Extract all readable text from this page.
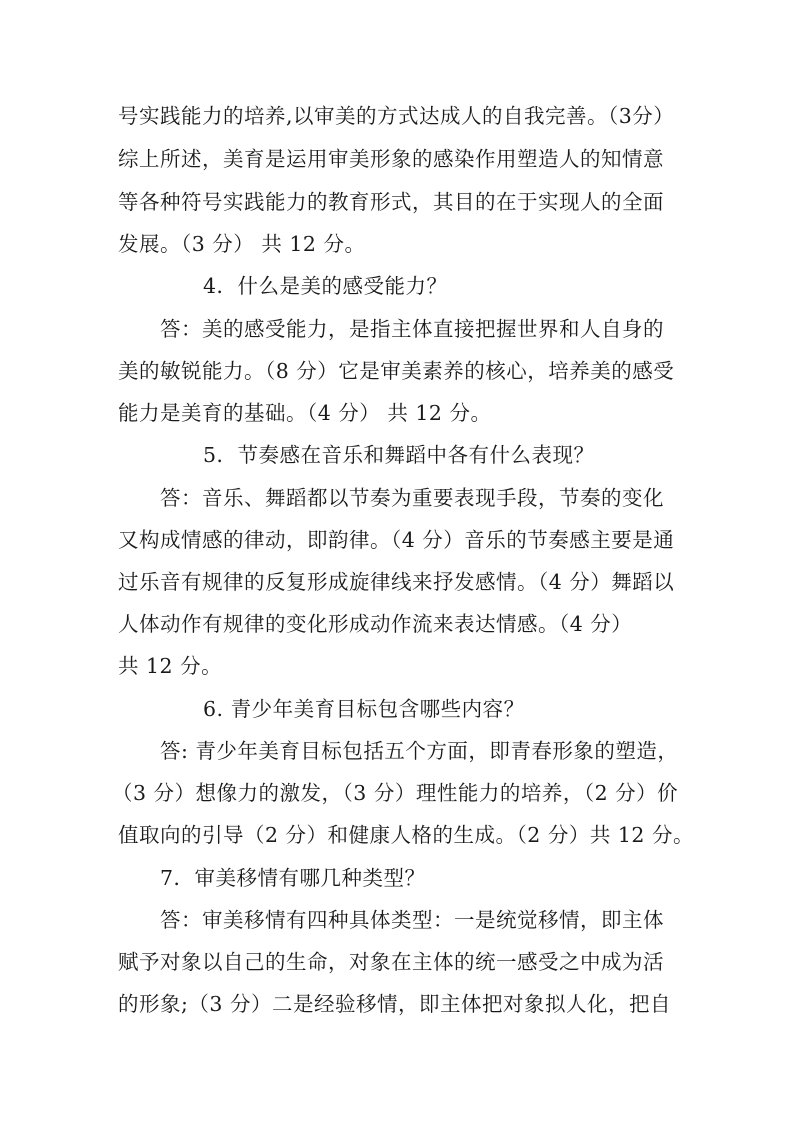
号实践能力的培养,以审美的方式达成人的自我完善。（3分）
综上所述，美育是运用审美形象的感染作用塑造人的知情意
等各种符号实践能力的教育形式，其目的在于实现人的全面
发展。（3 分） 共 12 分。
4．什么是美的感受能力？
答：美的感受能力，是指主体直接把握世界和人自身的
美的敏锐能力。（8 分）它是审美素养的核心，培养美的感受
能力是美育的基础。（4 分） 共 12 分。
5．节奏感在音乐和舞蹈中各有什么表现？
答：音乐、舞蹈都以节奏为重要表现手段，节奏的变化
又构成情感的律动，即韵律。（4 分）音乐的节奏感主要是通
过乐音有规律的反复形成旋律线来抒发感情。（4 分）舞蹈以
人体动作有规律的变化形成动作流来表达情感。（4 分）
共 12 分。
6. 青少年美育目标包含哪些内容？
答: 青少年美育目标包括五个方面，即青春形象的塑造，
（3 分）想像力的激发，（3 分）理性能力的培养，（2 分）价
值取向的引导（2 分）和健康人格的生成。（2 分）共 12 分。
7．审美移情有哪几种类型？
答：审美移情有四种具体类型：一是统觉移情，即主体
赋予对象以自己的生命，对象在主体的统一感受之中成为活
的形象;（3 分）二是经验移情，即主体把对象拟人化，把自
